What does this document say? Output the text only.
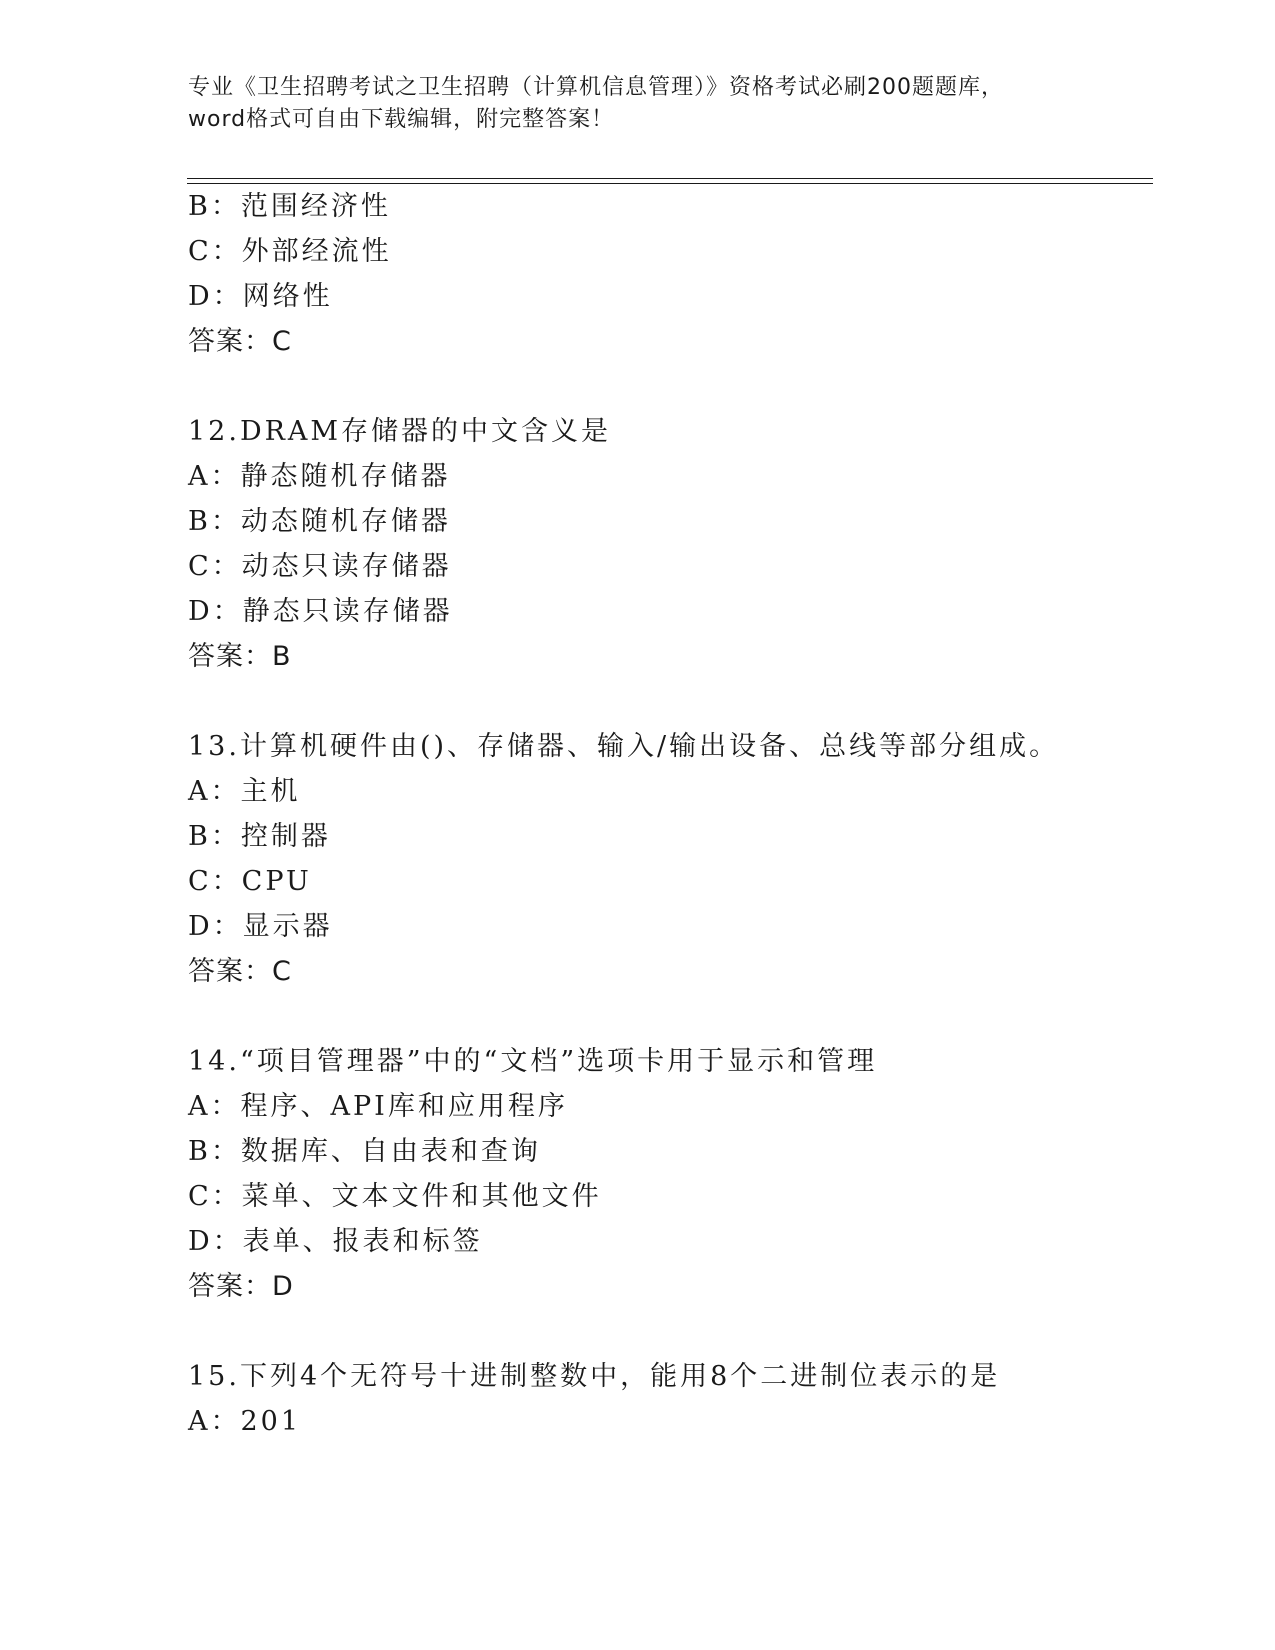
专业《卫生招聘考试之卫生招聘（计算机信息管理）》资格考试必刷200题题库，
word格式可自由下载编辑，附完整答案！
B：范围经济性
C：外部经流性
D：网络性
答案：C
12.DRAM存储器的中文含义是
A：静态随机存储器
B：动态随机存储器
C：动态只读存储器
D：静态只读存储器
答案：B
13.计算机硬件由()、存储器、输入/输出设备、总线等部分组成。
A：主机
B：控制器
C：CPU
D：显示器
答案：C
14.“项目管理器”中的“文档”选项卡用于显示和管理
A：程序、API库和应用程序
B：数据库、自由表和查询
C：菜单、文本文件和其他文件
D：表单、报表和标签
答案：D
15.下列4个无符号十进制整数中，能用8个二进制位表示的是
A：201
